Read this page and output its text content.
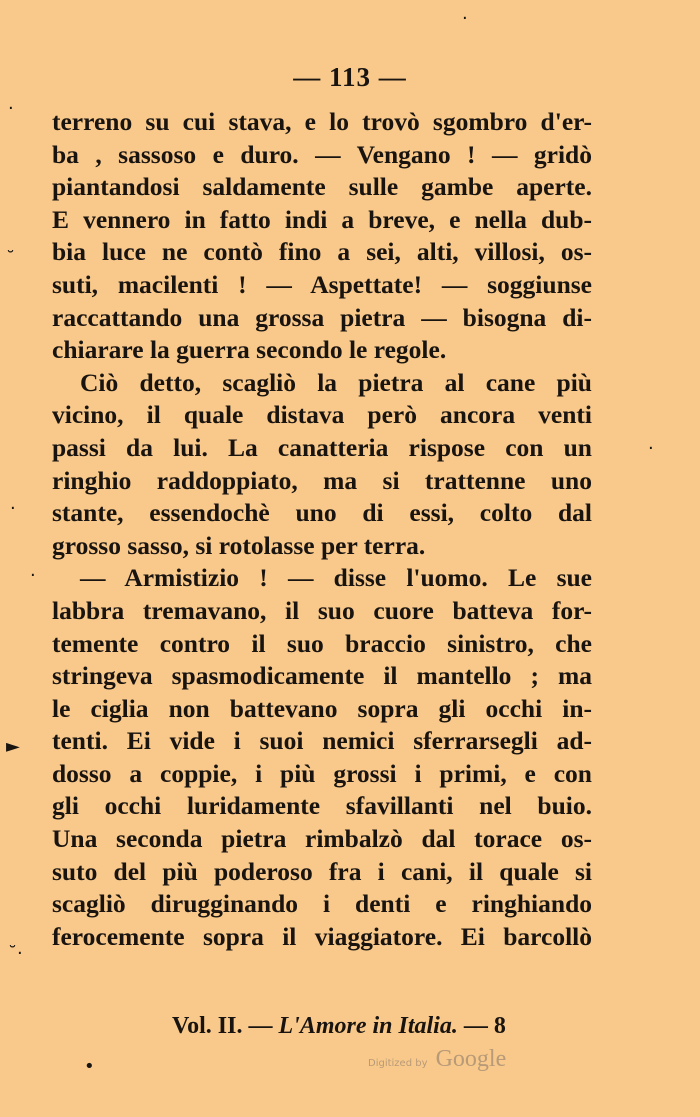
— 113 —
terreno su cui stava, e lo trovò sgombro d'er-
ba , sassoso e duro. — Vengano ! — gridò
piantandosi saldamente sulle gambe aperte.
E vennero in fatto indi a breve, e nella dub-
bia luce ne contò fino a sei, alti, villosi, os-
suti, macilenti ! — Aspettate! — soggiunse
raccattando una grossa pietra — bisogna di-
chiarare la guerra secondo le regole.
Ciò detto, scagliò la pietra al cane più
vicino, il quale distava però ancora venti
passi da lui. La canatteria rispose con un
ringhio raddoppiato, ma si trattenne uno
stante, essendochè uno di essi, colto dal
grosso sasso, si rotolasse per terra.
— Armistizio ! — disse l'uomo. Le sue
labbra tremavano, il suo cuore batteva for-
temente contro il suo braccio sinistro, che
stringeva spasmodicamente il mantello ; ma
le ciglia non battevano sopra gli occhi in-
tenti. Ei vide i suoi nemici sferrarsegli ad-
dosso a coppie, i più grossi i primi, e con
gli occhi luridamente sfavillanti nel buio.
Una seconda pietra rimbalzò dal torace os-
suto del più poderoso fra i cani, il quale si
scagliò dirugginando i denti e ringhiando
ferocemente sopra il viaggiatore. Ei barcollò
Vol. II. — L'Amore in Italia. — 8
Digitized by Google
·
˘
·
·
►
˘·
•
·
·
